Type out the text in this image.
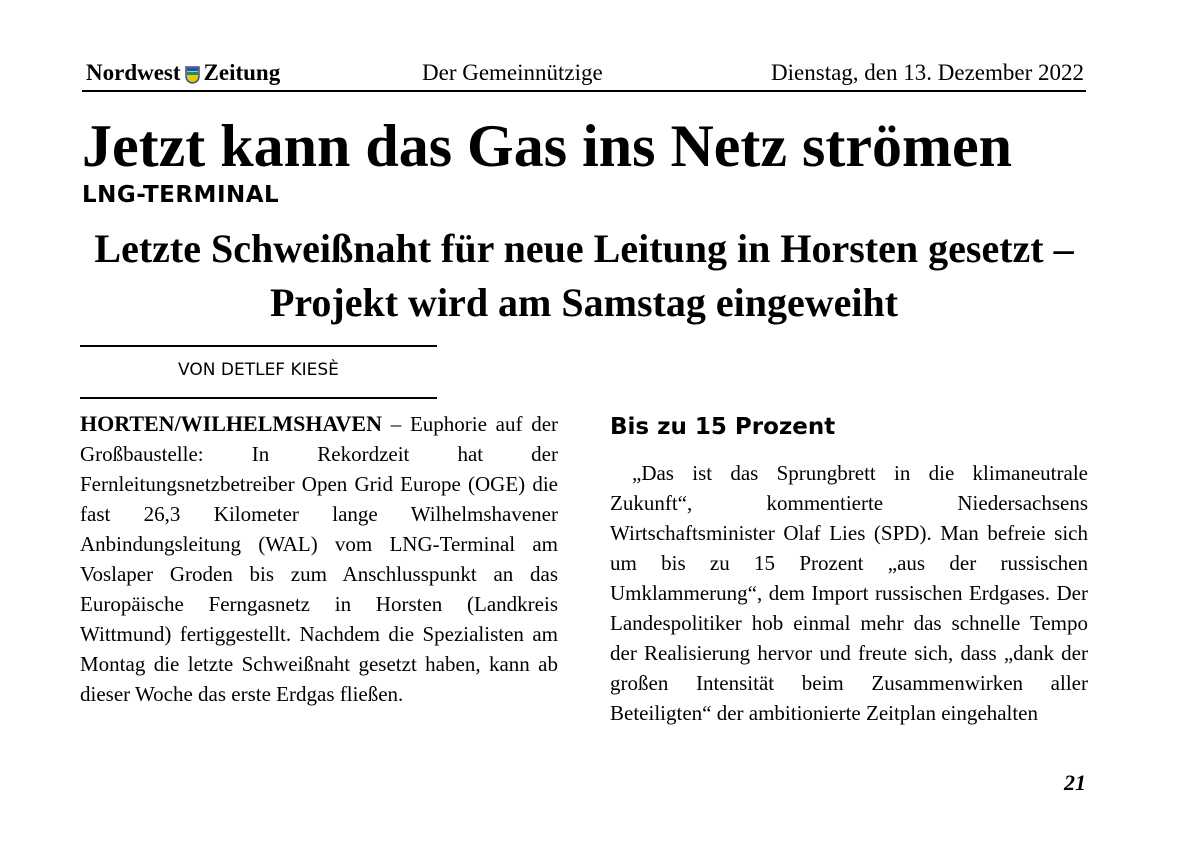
Nordwest Zeitung	Der Gemeinnützige	Dienstag, den 13. Dezember 2022
Jetzt kann das Gas ins Netz strömen
LNG-TERMINAL
Letzte Schweißnaht für neue Leitung in Horsten gesetzt – Projekt wird am Samstag eingeweiht
VON DETLEF KIESÈ

HORTEN/WILHELMSHAVEN – Euphorie auf der Großbaustelle: In Rekordzeit hat der Fernleitungsnetzbetreiber Open Grid Europe (OGE) die fast 26,3 Kilometer lange Wilhelmshavener Anbindungsleitung (WAL) vom LNG-Terminal am Voslaper Groden bis zum Anschlusspunkt an das Europäische Ferngasnetz in Horsten (Landkreis Wittmund) fertiggestellt. Nachdem die Spezialisten am Montag die letzte Schweißnaht gesetzt haben, kann ab dieser Woche das erste Erdgas fließen.

Bis zu 15 Prozent

„Das ist das Sprungbrett in die klimaneutrale Zukunft“, kommentierte Niedersachsens Wirtschaftsminister Olaf Lies (SPD). Man befreie sich um bis zu 15 Prozent „aus der russischen Umklammerung“, dem Import russischen Erdgases. Der Landespolitiker hob einmal mehr das schnelle Tempo der Realisierung hervor und freute sich, dass „dank der großen Intensität beim Zusammenwirken aller Beteiligten“ der ambitionierte Zeitplan eingehalten

21
